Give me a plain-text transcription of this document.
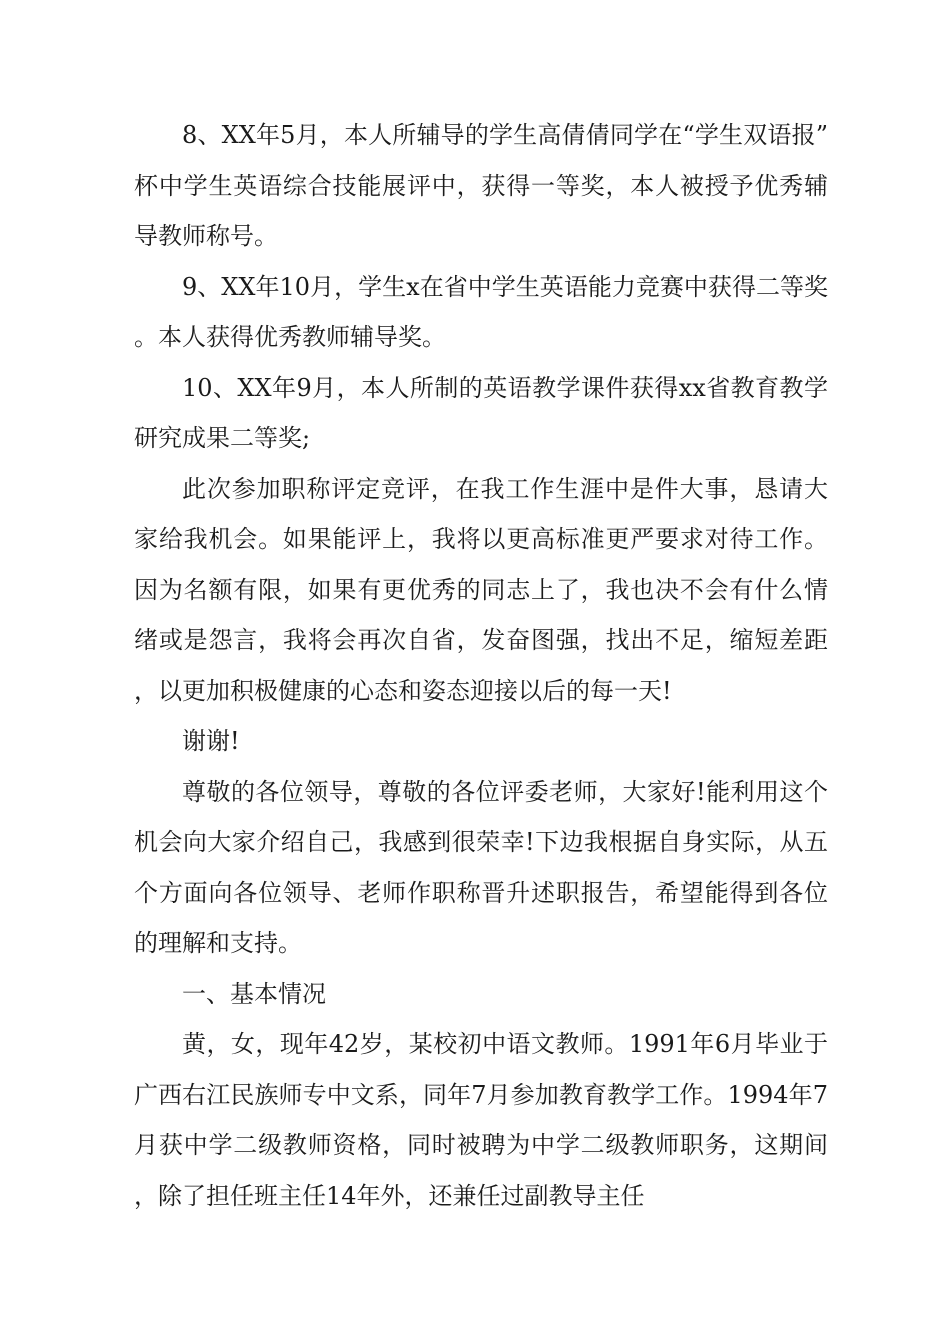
8、XX年5月，本人所辅导的学生高倩倩同学在“学生双语报”杯中学生英语综合技能展评中，获得一等奖，本人被授予优秀辅导教师称号。

9、XX年10月，学生x在省中学生英语能力竞赛中获得二等奖。本人获得优秀教师辅导奖。

10、XX年9月，本人所制的英语教学课件获得xx省教育教学研究成果二等奖;

此次参加职称评定竞评，在我工作生涯中是件大事，恳请大家给我机会。如果能评上，我将以更高标准更严要求对待工作。因为名额有限，如果有更优秀的同志上了，我也决不会有什么情绪或是怨言，我将会再次自省，发奋图强，找出不足，缩短差距，以更加积极健康的心态和姿态迎接以后的每一天!

谢谢!

尊敬的各位领导，尊敬的各位评委老师，大家好!能利用这个机会向大家介绍自己，我感到很荣幸!下边我根据自身实际，从五个方面向各位领导、老师作职称晋升述职报告，希望能得到各位的理解和支持。

一、基本情况

黄，女，现年42岁，某校初中语文教师。1991年6月毕业于广西右江民族师专中文系，同年7月参加教育教学工作。1994年7月获中学二级教师资格，同时被聘为中学二级教师职务，这期间，除了担任班主任14年外，还兼任过副教导主任
